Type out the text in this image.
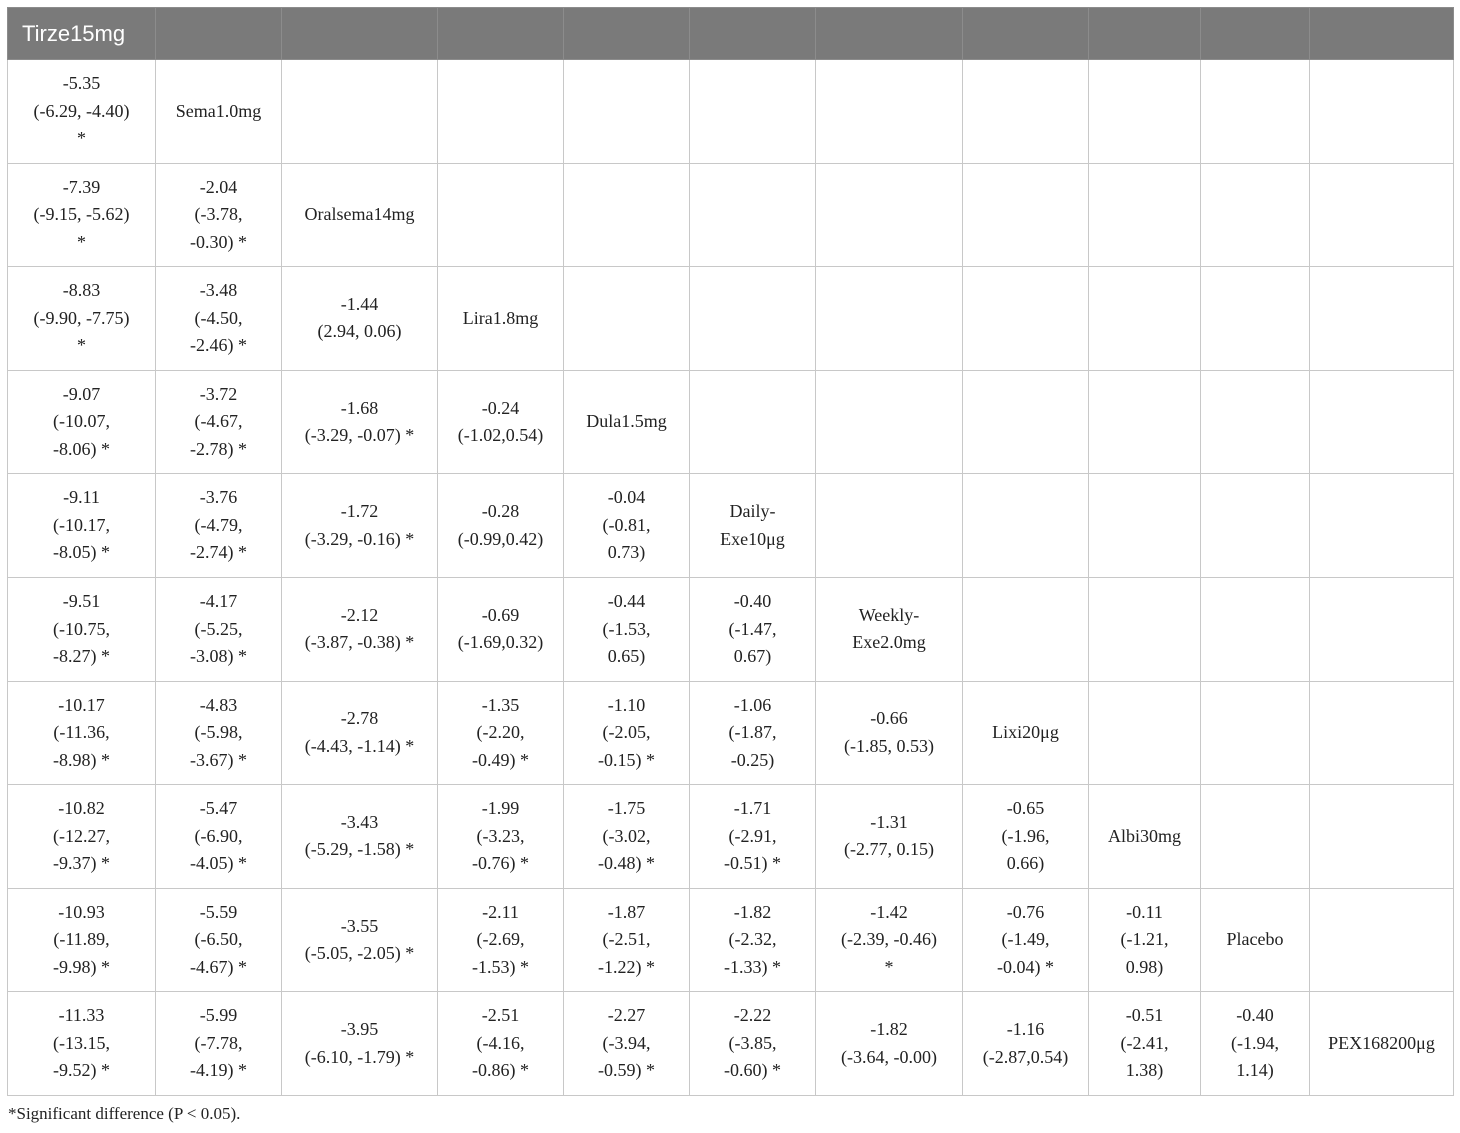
Tirze15mg										

-5.35
(-6.29, -4.40)
*	Sema1.0mg									

-7.39
(-9.15, -5.62)
*	-2.04
(-3.78,
-0.30) *	Oralsema14mg								

-8.83
(-9.90, -7.75)
*	-3.48
(-4.50,
-2.46) *	-1.44
(2.94, 0.06)	Lira1.8mg							

-9.07
(-10.07,
-8.06) *	-3.72
(-4.67,
-2.78) *	-1.68
(-3.29, -0.07) *	-0.24
(-1.02,0.54)	Dula1.5mg						

-9.11
(-10.17,
-8.05) *	-3.76
(-4.79,
-2.74) *	-1.72
(-3.29, -0.16) *	-0.28
(-0.99,0.42)	-0.04
(-0.81,
0.73)	Daily-
Exe10μg					

-9.51
(-10.75,
-8.27) *	-4.17
(-5.25,
-3.08) *	-2.12
(-3.87, -0.38) *	-0.69
(-1.69,0.32)	-0.44
(-1.53,
0.65)	-0.40
(-1.47,
0.67)	Weekly-
Exe2.0mg				

-10.17
(-11.36,
-8.98) *	-4.83
(-5.98,
-3.67) *	-2.78
(-4.43, -1.14) *	-1.35
(-2.20,
-0.49) *	-1.10
(-2.05,
-0.15) *	-1.06
(-1.87,
-0.25)	-0.66
(-1.85, 0.53)	Lixi20μg			

-10.82
(-12.27,
-9.37) *	-5.47
(-6.90,
-4.05) *	-3.43
(-5.29, -1.58) *	-1.99
(-3.23,
-0.76) *	-1.75
(-3.02,
-0.48) *	-1.71
(-2.91,
-0.51) *	-1.31
(-2.77, 0.15)	-0.65
(-1.96,
0.66)	Albi30mg		

-10.93
(-11.89,
-9.98) *	-5.59
(-6.50,
-4.67) *	-3.55
(-5.05, -2.05) *	-2.11
(-2.69,
-1.53) *	-1.87
(-2.51,
-1.22) *	-1.82
(-2.32,
-1.33) *	-1.42
(-2.39, -0.46)
*	-0.76
(-1.49,
-0.04) *	-0.11
(-1.21,
0.98)	Placebo	

-11.33
(-13.15,
-9.52) *	-5.99
(-7.78,
-4.19) *	-3.95
(-6.10, -1.79) *	-2.51
(-4.16,
-0.86) *	-2.27
(-3.94,
-0.59) *	-2.22
(-3.85,
-0.60) *	-1.82
(-3.64, -0.00)	-1.16
(-2.87,0.54)	-0.51
(-2.41,
1.38)	-0.40
(-1.94,
1.14)	PEX168200μg
*Significant difference (P < 0.05).
